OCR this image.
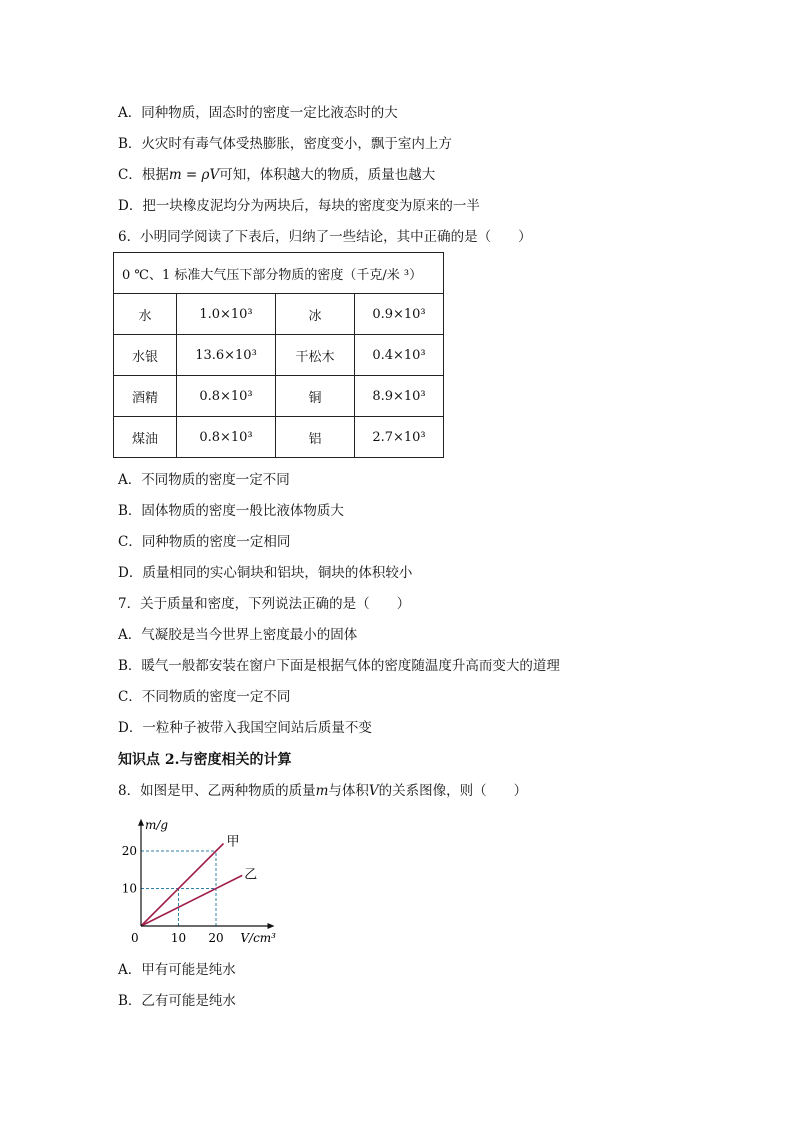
A．同种物质，固态时的密度一定比液态时的大
B．火灾时有毒气体受热膨胀，密度变小，飘于室内上方
C．根据m = ρV可知，体积越大的物质，质量也越大
D．把一块橡皮泥均分为两块后，每块的密度变为原来的一半
6．小明同学阅读了下表后，归纳了一些结论，其中正确的是（　　）
0 ℃、1 标准大气压下部分物质的密度（千克/米 ³）			
水	1.0×10³	冰	0.9×10³
水银	13.6×10³	干松木	0.4×10³
酒精	0.8×10³	铜	8.9×10³
煤油	0.8×10³	铝	2.7×10³
A．不同物质的密度一定不同
B．固体物质的密度一般比液体物质大
C．同种物质的密度一定相同
D．质量相同的实心铜块和铝块，铜块的体积较小
7．关于质量和密度，下列说法正确的是（　　）
A．气凝胶是当今世界上密度最小的固体
B．暖气一般都安装在窗户下面是根据气体的密度随温度升高而变大的道理
C．不同物质的密度一定不同
D．一粒种子被带入我国空间站后质量不变
知识点 2.与密度相关的计算
8．如图是甲、乙两种物质的质量m与体积V的关系图像，则（　　）
m/g
V/cm³
0	10 20
10
20
甲
乙
A．甲有可能是纯水
B．乙有可能是纯水
